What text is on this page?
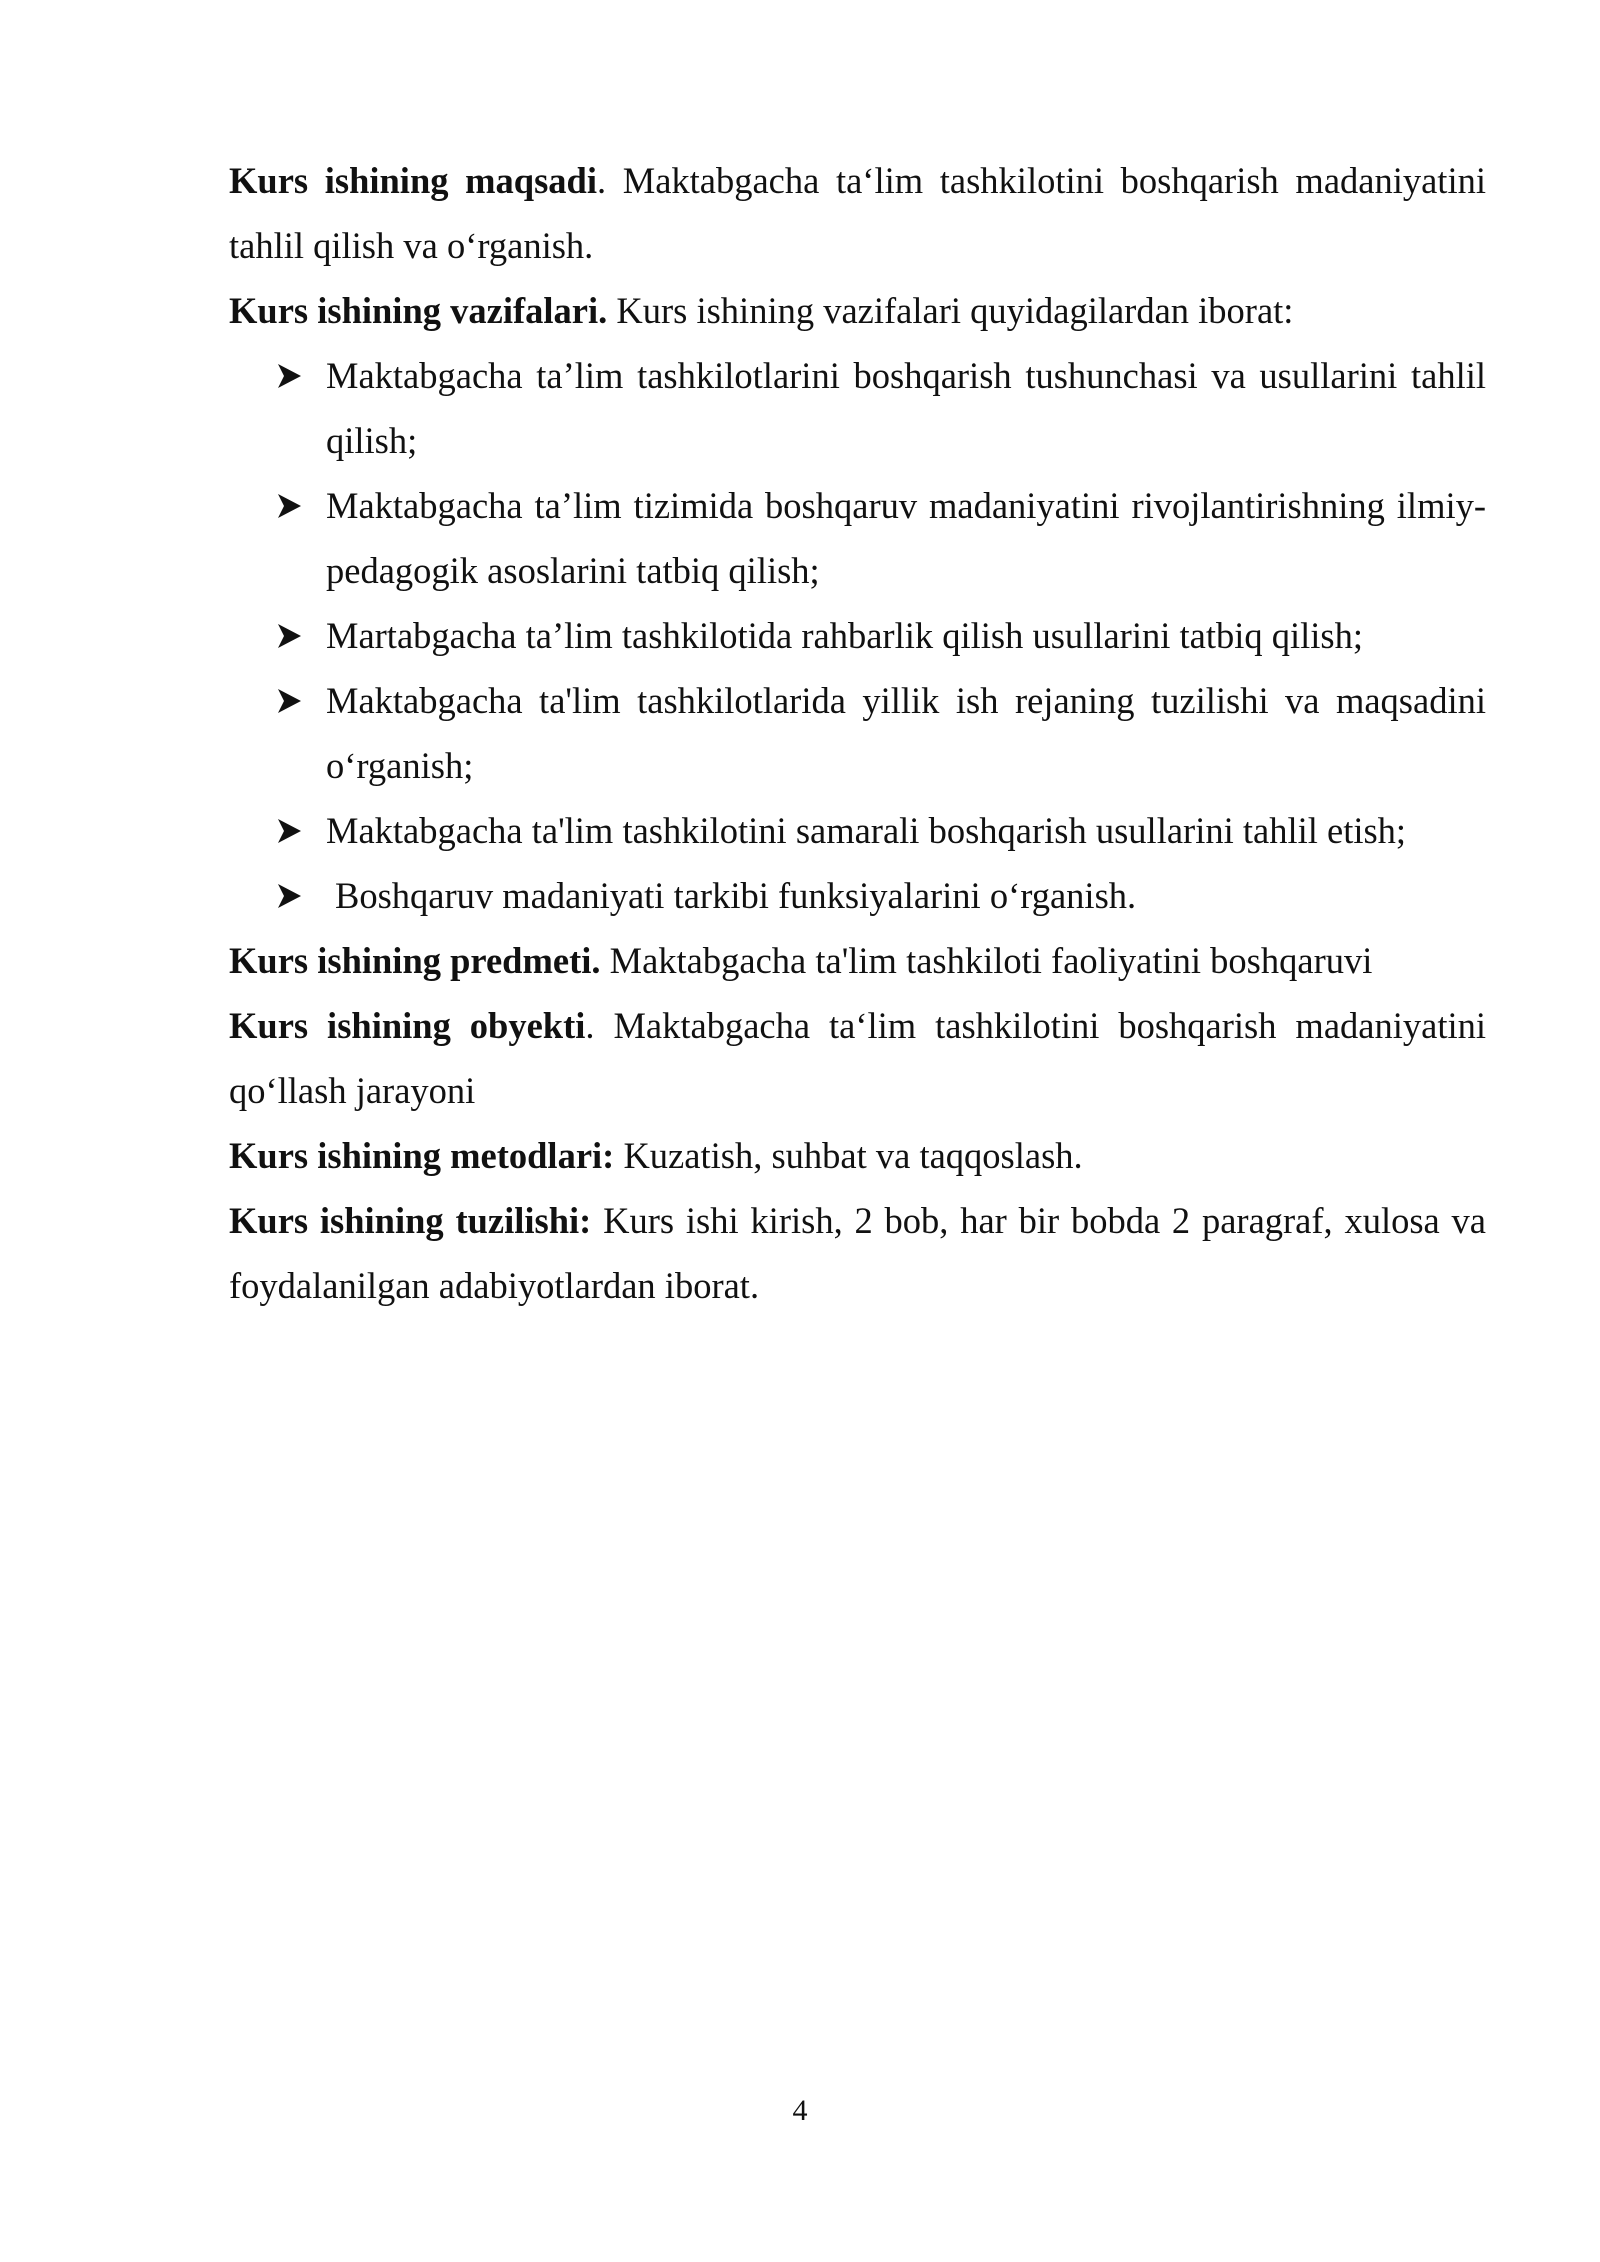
Kurs ishining maqsadi. Maktabgacha ta‘lim tashkilotini boshqarish madaniyatini tahlil qilish va o‘rganish.

Kurs ishining vazifalari. Kurs ishining vazifalari quyidagilardan iborat:

Maktabgacha ta’lim tashkilotlarini boshqarish tushunchasi va usullarini tahlil qilish;
Maktabgacha ta’lim tizimida boshqaruv madaniyatini rivojlantirishning ilmiy-pedagogik asoslarini tatbiq qilish;
Martabgacha ta’lim tashkilotida rahbarlik qilish usullarini tatbiq qilish;
Maktabgacha ta'lim tashkilotlarida yillik ish rejaning tuzilishi va maqsadini o‘rganish;
Maktabgacha ta'lim tashkilotini samarali boshqarish usullarini tahlil etish;
Boshqaruv madaniyati tarkibi funksiyalarini o‘rganish.

Kurs ishining predmeti. Maktabgacha ta'lim tashkiloti faoliyatini boshqaruvi

Kurs ishining obyekti. Maktabgacha ta‘lim tashkilotini boshqarish madaniyatini qo‘llash jarayoni

Kurs ishining metodlari: Kuzatish, suhbat va taqqoslash.

Kurs ishining tuzilishi: Kurs ishi kirish, 2 bob, har bir bobda 2 paragraf, xulosa va foydalanilgan adabiyotlardan iborat.

4
